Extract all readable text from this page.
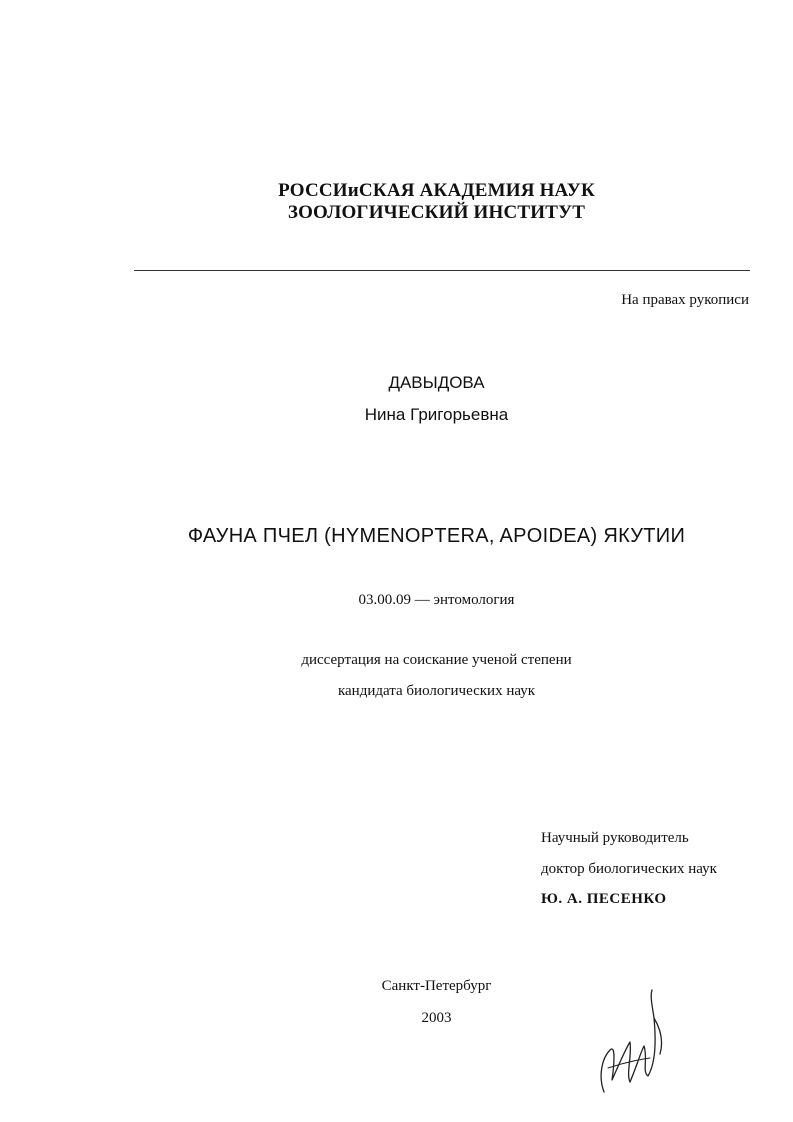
РОССИиСКАЯ АКАДЕМИЯ НАУК
ЗООЛОГИЧЕСКИЙ ИНСТИТУТ
На правах рукописи
ДАВЫДОВА
Нина Григорьевна
ФАУНА ПЧЕЛ (HYMENOPTERA, APOIDEA) ЯКУТИИ
03.00.09 — энтомология
диссертация на соискание ученой степени
кандидата биологических наук
Научный руководитель
доктор биологических наук
Ю. А. ПЕСЕНКО
Санкт-Петербург
2003
